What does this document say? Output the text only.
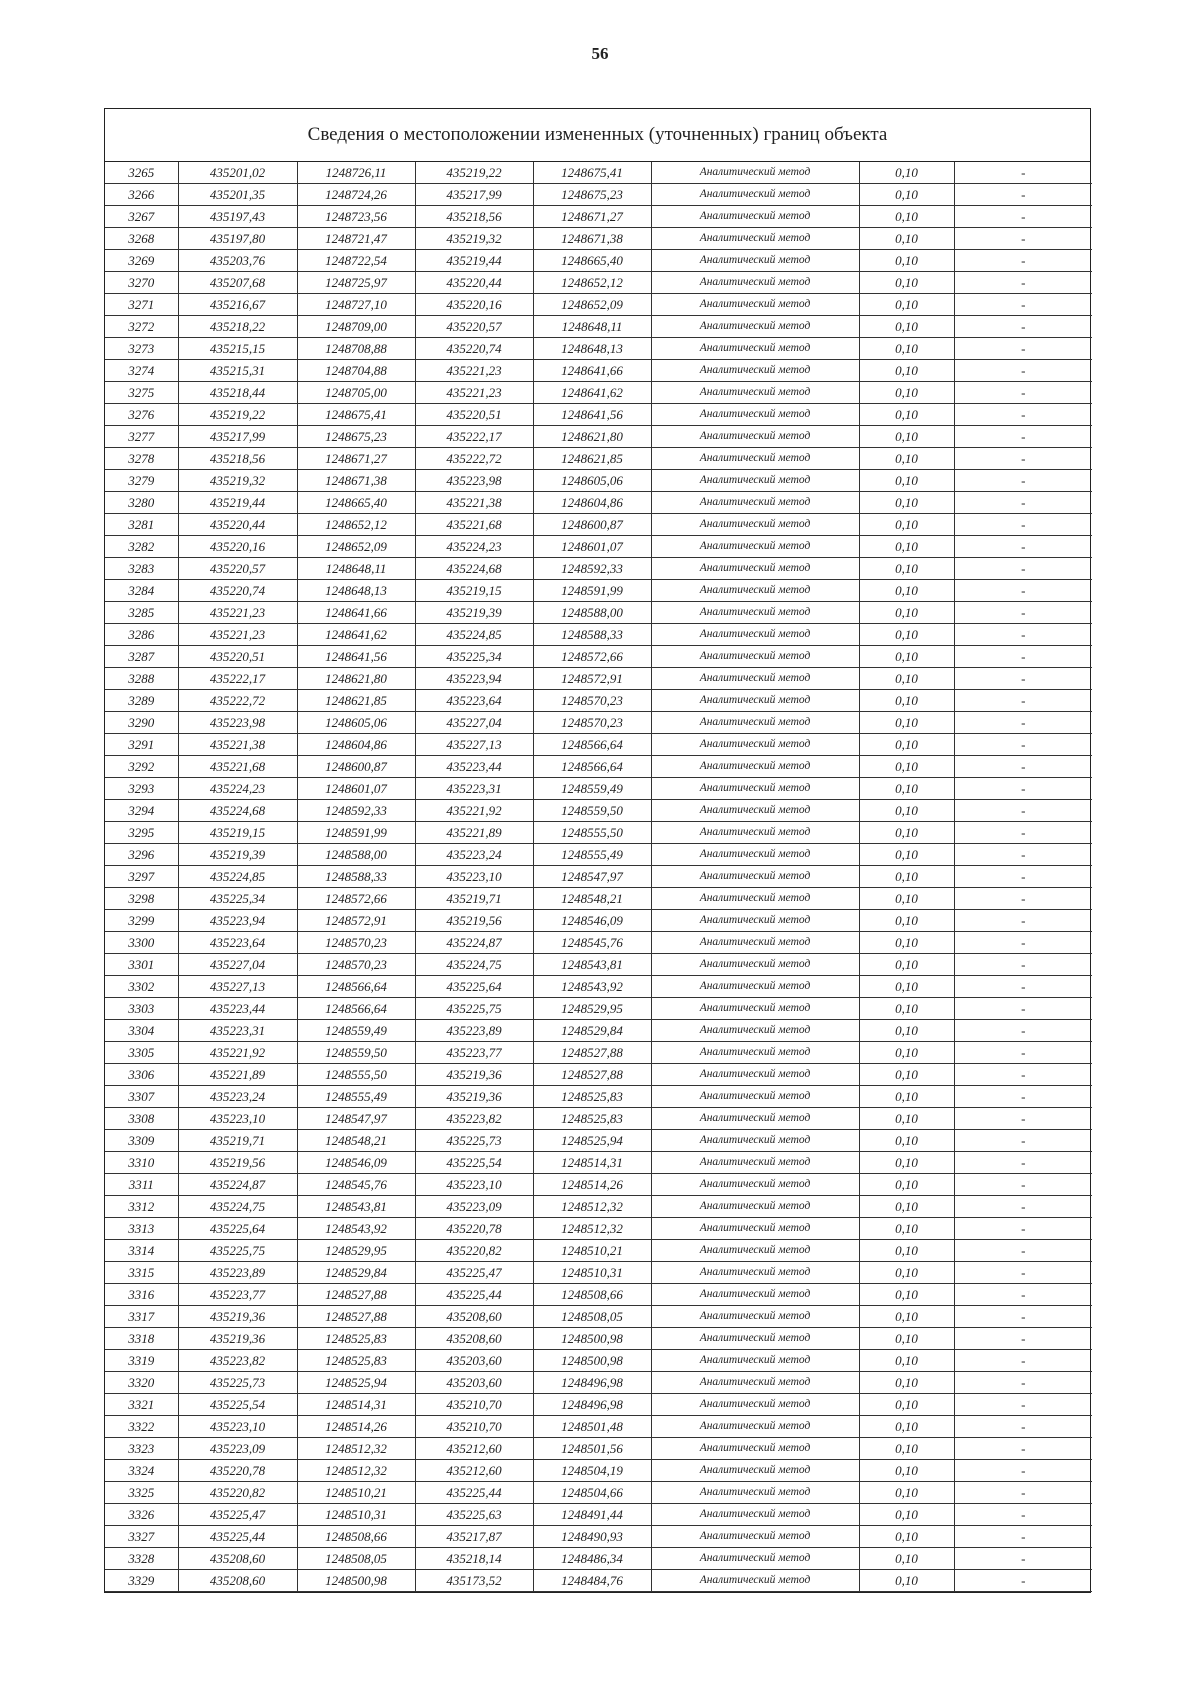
56
Сведения о местоположении измененных (уточненных) границ объекта
3265	435201,02	1248726,11	435219,22	1248675,41	Аналитический метод	0,10	-
3266	435201,35	1248724,26	435217,99	1248675,23	Аналитический метод	0,10	-
3267	435197,43	1248723,56	435218,56	1248671,27	Аналитический метод	0,10	-
3268	435197,80	1248721,47	435219,32	1248671,38	Аналитический метод	0,10	-
3269	435203,76	1248722,54	435219,44	1248665,40	Аналитический метод	0,10	-
3270	435207,68	1248725,97	435220,44	1248652,12	Аналитический метод	0,10	-
3271	435216,67	1248727,10	435220,16	1248652,09	Аналитический метод	0,10	-
3272	435218,22	1248709,00	435220,57	1248648,11	Аналитический метод	0,10	-
3273	435215,15	1248708,88	435220,74	1248648,13	Аналитический метод	0,10	-
3274	435215,31	1248704,88	435221,23	1248641,66	Аналитический метод	0,10	-
3275	435218,44	1248705,00	435221,23	1248641,62	Аналитический метод	0,10	-
3276	435219,22	1248675,41	435220,51	1248641,56	Аналитический метод	0,10	-
3277	435217,99	1248675,23	435222,17	1248621,80	Аналитический метод	0,10	-
3278	435218,56	1248671,27	435222,72	1248621,85	Аналитический метод	0,10	-
3279	435219,32	1248671,38	435223,98	1248605,06	Аналитический метод	0,10	-
3280	435219,44	1248665,40	435221,38	1248604,86	Аналитический метод	0,10	-
3281	435220,44	1248652,12	435221,68	1248600,87	Аналитический метод	0,10	-
3282	435220,16	1248652,09	435224,23	1248601,07	Аналитический метод	0,10	-
3283	435220,57	1248648,11	435224,68	1248592,33	Аналитический метод	0,10	-
3284	435220,74	1248648,13	435219,15	1248591,99	Аналитический метод	0,10	-
3285	435221,23	1248641,66	435219,39	1248588,00	Аналитический метод	0,10	-
3286	435221,23	1248641,62	435224,85	1248588,33	Аналитический метод	0,10	-
3287	435220,51	1248641,56	435225,34	1248572,66	Аналитический метод	0,10	-
3288	435222,17	1248621,80	435223,94	1248572,91	Аналитический метод	0,10	-
3289	435222,72	1248621,85	435223,64	1248570,23	Аналитический метод	0,10	-
3290	435223,98	1248605,06	435227,04	1248570,23	Аналитический метод	0,10	-
3291	435221,38	1248604,86	435227,13	1248566,64	Аналитический метод	0,10	-
3292	435221,68	1248600,87	435223,44	1248566,64	Аналитический метод	0,10	-
3293	435224,23	1248601,07	435223,31	1248559,49	Аналитический метод	0,10	-
3294	435224,68	1248592,33	435221,92	1248559,50	Аналитический метод	0,10	-
3295	435219,15	1248591,99	435221,89	1248555,50	Аналитический метод	0,10	-
3296	435219,39	1248588,00	435223,24	1248555,49	Аналитический метод	0,10	-
3297	435224,85	1248588,33	435223,10	1248547,97	Аналитический метод	0,10	-
3298	435225,34	1248572,66	435219,71	1248548,21	Аналитический метод	0,10	-
3299	435223,94	1248572,91	435219,56	1248546,09	Аналитический метод	0,10	-
3300	435223,64	1248570,23	435224,87	1248545,76	Аналитический метод	0,10	-
3301	435227,04	1248570,23	435224,75	1248543,81	Аналитический метод	0,10	-
3302	435227,13	1248566,64	435225,64	1248543,92	Аналитический метод	0,10	-
3303	435223,44	1248566,64	435225,75	1248529,95	Аналитический метод	0,10	-
3304	435223,31	1248559,49	435223,89	1248529,84	Аналитический метод	0,10	-
3305	435221,92	1248559,50	435223,77	1248527,88	Аналитический метод	0,10	-
3306	435221,89	1248555,50	435219,36	1248527,88	Аналитический метод	0,10	-
3307	435223,24	1248555,49	435219,36	1248525,83	Аналитический метод	0,10	-
3308	435223,10	1248547,97	435223,82	1248525,83	Аналитический метод	0,10	-
3309	435219,71	1248548,21	435225,73	1248525,94	Аналитический метод	0,10	-
3310	435219,56	1248546,09	435225,54	1248514,31	Аналитический метод	0,10	-
3311	435224,87	1248545,76	435223,10	1248514,26	Аналитический метод	0,10	-
3312	435224,75	1248543,81	435223,09	1248512,32	Аналитический метод	0,10	-
3313	435225,64	1248543,92	435220,78	1248512,32	Аналитический метод	0,10	-
3314	435225,75	1248529,95	435220,82	1248510,21	Аналитический метод	0,10	-
3315	435223,89	1248529,84	435225,47	1248510,31	Аналитический метод	0,10	-
3316	435223,77	1248527,88	435225,44	1248508,66	Аналитический метод	0,10	-
3317	435219,36	1248527,88	435208,60	1248508,05	Аналитический метод	0,10	-
3318	435219,36	1248525,83	435208,60	1248500,98	Аналитический метод	0,10	-
3319	435223,82	1248525,83	435203,60	1248500,98	Аналитический метод	0,10	-
3320	435225,73	1248525,94	435203,60	1248496,98	Аналитический метод	0,10	-
3321	435225,54	1248514,31	435210,70	1248496,98	Аналитический метод	0,10	-
3322	435223,10	1248514,26	435210,70	1248501,48	Аналитический метод	0,10	-
3323	435223,09	1248512,32	435212,60	1248501,56	Аналитический метод	0,10	-
3324	435220,78	1248512,32	435212,60	1248504,19	Аналитический метод	0,10	-
3325	435220,82	1248510,21	435225,44	1248504,66	Аналитический метод	0,10	-
3326	435225,47	1248510,31	435225,63	1248491,44	Аналитический метод	0,10	-
3327	435225,44	1248508,66	435217,87	1248490,93	Аналитический метод	0,10	-
3328	435208,60	1248508,05	435218,14	1248486,34	Аналитический метод	0,10	-
3329	435208,60	1248500,98	435173,52	1248484,76	Аналитический метод	0,10	-
